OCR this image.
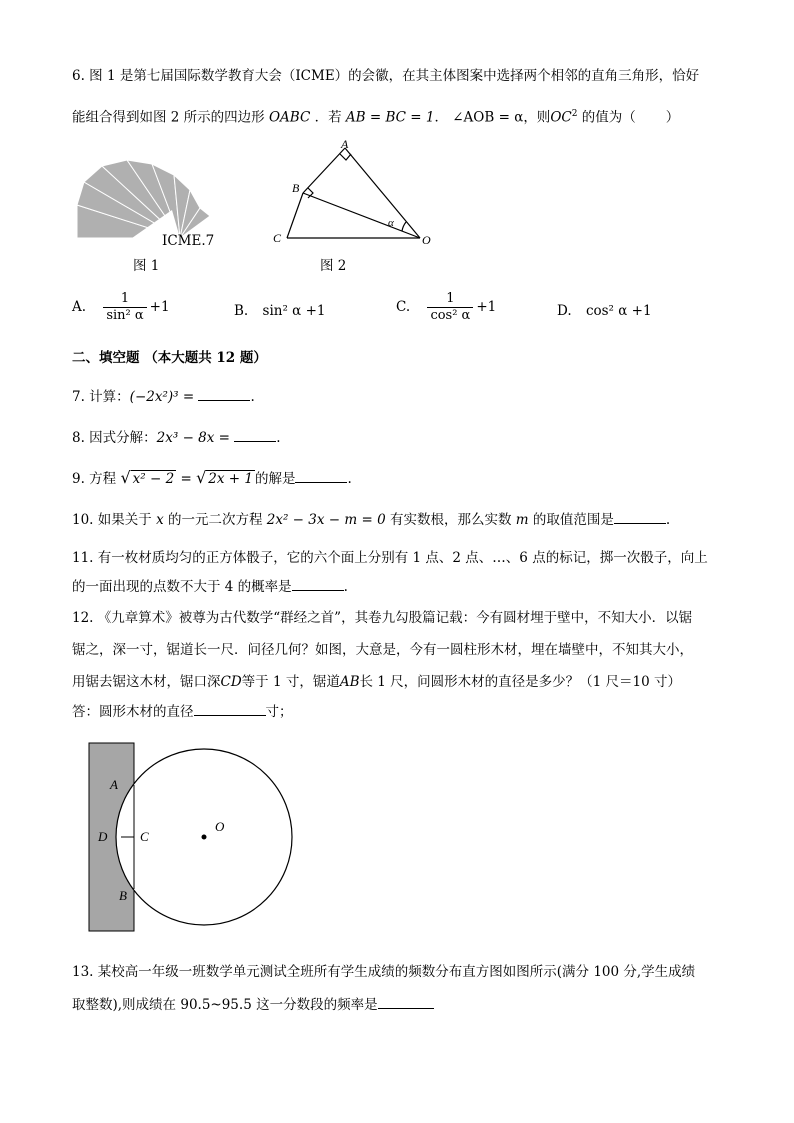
6. 图 1 是第七届国际数学教育大会（ICME）的会徽，在其主体图案中选择两个相邻的直角三角形，恰好
能组合得到如图 2 所示的四边形 OABC ．若 AB = BC = 1． ∠AOB = α，则$OC^2$ 的值为（ ）
ICME.7
图 1
A
B
C	O
α
图 2
A. $\frac{1}{\text{sin² α}} +1$	B. sin² α +1	C. $\frac{1}{\text{cos² α}} +1$	D. cos² α +1
二、填空题 （本大题共 12 题）
7. 计算：(−2x²)³ =	.
8. 因式分解：2x³ − 8x =	.
9. 方程 √ x² − 2 = √ 2x + 1 的解是	.
10. 如果关于 x 的一元二次方程 2x² − 3x − m = 0 有实数根，那么实数 m 的取值范围是	.
11. 有一枚材质均匀的正方体骰子，它的六个面上分别有 1 点、2 点、…、6 点的标记，掷一次骰子，向上
的一面出现的点数不大于 4 的概率是	.
12. 《九章算术》被尊为古代数学“群经之首”，其卷九勾股篇记载：今有圆材埋于壁中，不知大小．以锯
锯之，深一寸，锯道长一尺．问径几何？如图，大意是，今有一圆柱形木材，埋在墙壁中，不知其大小，
用锯去锯这木材，锯口深CD等于 1 寸，锯道AB长 1 尺，问圆形木材的直径是多少？（1 尺＝10 寸）
答：圆形木材的直径	寸；
A
D	C
B
O
13. 某校高一年级一班数学单元测试全班所有学生成绩的频数分布直方图如图所示(满分 100 分,学生成绩
取整数),则成绩在 90.5~95.5 这一分数段的频率是
